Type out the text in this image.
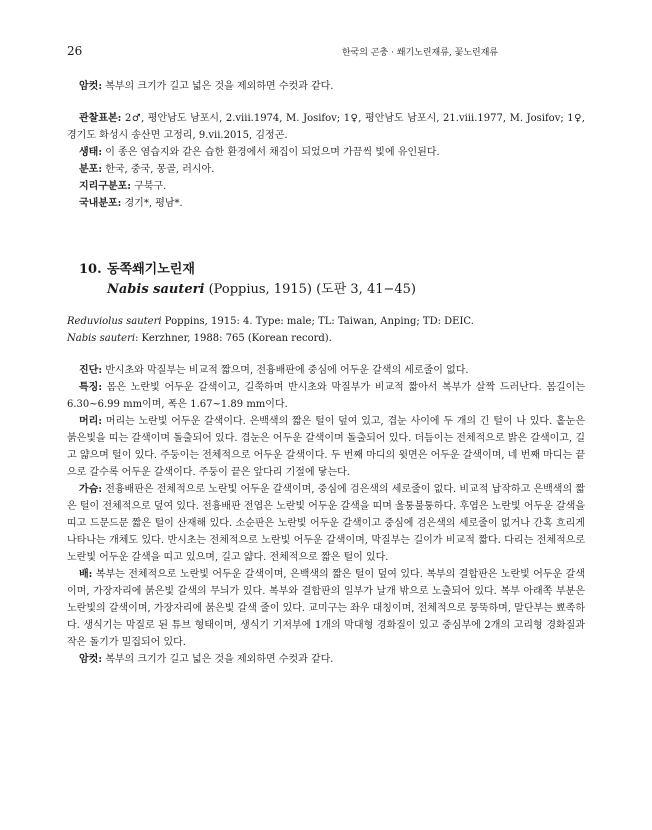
26	한국의 곤충 · 쐐기노린재류, 꽃노린재류

암컷: 복부의 크기가 길고 넓은 것을 제외하면 수컷과 같다.

관찰표본: 2♂, 평안남도 남포시, 2.viii.1974, M. Josifov; 1♀, 평안남도 남포시, 21.viii.1977, M. Josifov; 1♀, 경기도 화성시 송산면 고정리, 9.vii.2015, 김정곤.

생태: 이 종은 염습지와 같은 습한 환경에서 채집이 되었으며 가끔씩 빛에 유인된다.

분포: 한국, 중국, 몽골, 러시아.

지리구분포: 구북구.

국내분포: 경기*, 평남*.

10. 동쪽쐐기노린재

Nabis sauteri (Poppius, 1915) (도판 3, 41−45)

Reduviolus sauteri Poppins, 1915: 4. Type: male; TL: Taiwan, Anping; TD: DEIC.

Nabis sauteri: Kerzhner, 1988: 765 (Korean record).

진단: 반시초와 막질부는 비교적 짧으며, 전흉배판에 중심에 어두운 갈색의 세로줄이 없다.

특징: 몸은 노란빛 어두운 갈색이고, 길쭉하며 반시초와 막질부가 비교적 짧아서 복부가 살짝 드러난다. 몸길이는 6.30~6.99 mm이며, 폭은 1.67~1.89 mm이다.

머리: 머리는 노란빛 어두운 갈색이다. 은백색의 짧은 털이 덮여 있고, 겹눈 사이에 두 개의 긴 털이 나 있다. 홑눈은 붉은빛을 띠는 갈색이며 돌출되어 있다. 겹눈은 어두운 갈색이며 돌출되어 있다. 더듬이는 전체적으로 밝은 갈색이고, 길고 얇으며 털이 있다. 주둥이는 전체적으로 어두운 갈색이다. 두 번째 마디의 윗면은 어두운 갈색이며, 네 번째 마디는 끝으로 갈수록 어두운 갈색이다. 주둥이 끝은 앞다리 기절에 닿는다.

가슴: 전흉배판은 전체적으로 노란빛 어두운 갈색이며, 중심에 검은색의 세로줄이 없다. 비교적 납작하고 은백색의 짧은 털이 전체적으로 덮여 있다. 전흉배판 전엽은 노란빛 어두운 갈색을 띠며 울퉁불퉁하다. 후엽은 노란빛 어두운 갈색을 띠고 드문드문 짧은 털이 산재해 있다. 소순판은 노란빛 어두운 갈색이고 중심에 검은색의 세로줄이 없거나 간혹 흐리게 나타나는 개체도 있다. 반시초는 전체적으로 노란빛 어두운 갈색이며, 막질부는 길이가 비교적 짧다. 다리는 전체적으로 노란빛 어두운 갈색을 띠고 있으며, 길고 얇다. 전체적으로 짧은 털이 있다.

배: 복부는 전체적으로 노란빛 어두운 갈색이며, 은백색의 짧은 털이 덮여 있다. 복부의 결합판은 노란빛 어두운 갈색이며, 가장자리에 붉은빛 갈색의 무늬가 있다. 복부와 결합판의 일부가 날개 밖으로 노출되어 있다. 복부 아래쪽 부분은 노란빛의 갈색이며, 가장자리에 붉은빛 갈색 줄이 있다. 교미구는 좌우 대칭이며, 전체적으로 뭉뚝하며, 말단부는 뾰족하다. 생식기는 막질로 된 튜브 형태이며, 생식기 기저부에 1개의 막대형 경화질이 있고 중심부에 2개의 고리형 경화질과 작은 돌기가 밀집되어 있다.

암컷: 복부의 크기가 길고 넓은 것을 제외하면 수컷과 같다.
